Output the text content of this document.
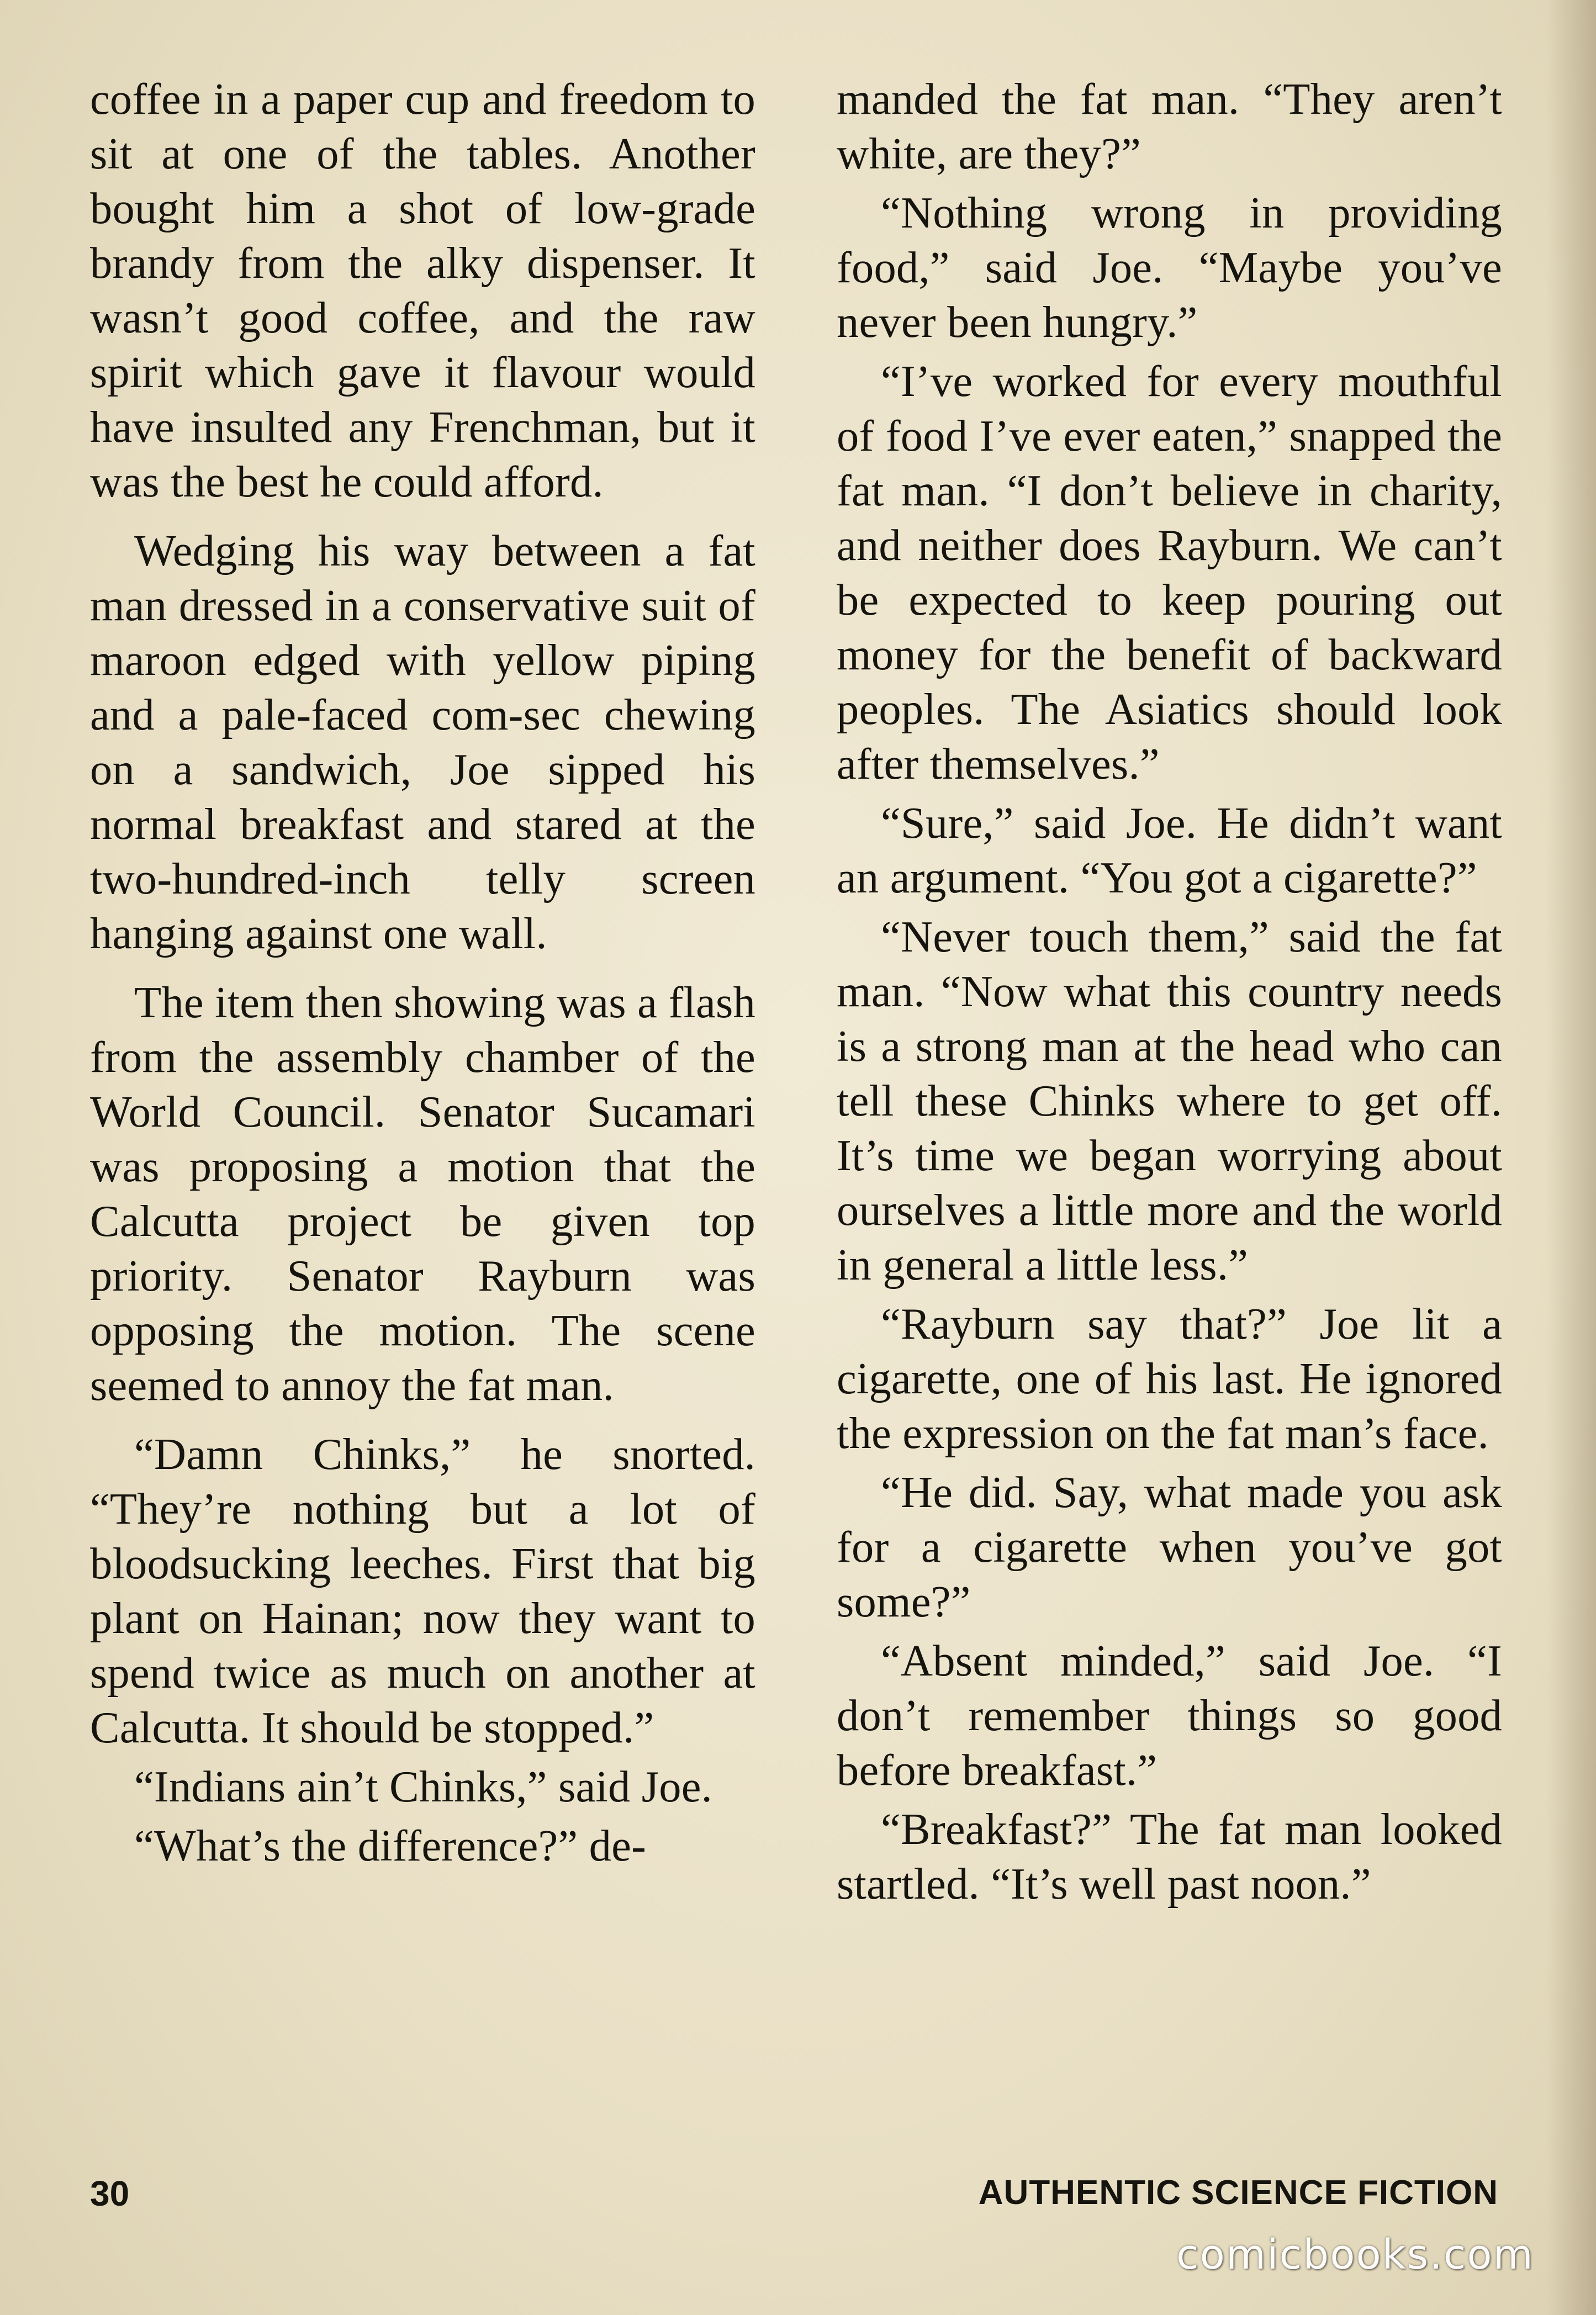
coffee in a paper cup and freedom to sit at one of the tables. Another bought him a shot of low-grade brandy from the alky dispenser. It wasn’t good coffee, and the raw spirit which gave it flavour would have insulted any Frenchman, but it was the best he could afford.

Wedging his way between a fat man dressed in a conservative suit of maroon edged with yellow piping and a pale-faced com-sec chewing on a sandwich, Joe sipped his normal breakfast and stared at the two-hundred-inch telly screen hanging against one wall.

The item then showing was a flash from the assembly chamber of the World Council. Senator Sucamari was proposing a motion that the Calcutta project be given top priority. Senator Rayburn was opposing the motion. The scene seemed to annoy the fat man.

“Damn Chinks,” he snorted. “They’re nothing but a lot of bloodsucking leeches. First that big plant on Hainan; now they want to spend twice as much on another at Calcutta. It should be stopped.”

“Indians ain’t Chinks,” said Joe.

“What’s the difference?” de-

manded the fat man. “They aren’t white, are they?”

“Nothing wrong in providing food,” said Joe. “Maybe you’ve never been hungry.”

“I’ve worked for every mouthful of food I’ve ever eaten,” snapped the fat man. “I don’t believe in charity, and neither does Rayburn. We can’t be expected to keep pouring out money for the benefit of backward peoples. The Asiatics should look after themselves.”

“Sure,” said Joe. He didn’t want an argument. “You got a cigarette?”

“Never touch them,” said the fat man. “Now what this country needs is a strong man at the head who can tell these Chinks where to get off. It’s time we began worrying about ourselves a little more and the world in general a little less.”

“Rayburn say that?” Joe lit a cigarette, one of his last. He ignored the expression on the fat man’s face.

“He did. Say, what made you ask for a cigarette when you’ve got some?”

“Absent minded,” said Joe. “I don’t remember things so good before breakfast.”

“Breakfast?” The fat man looked startled. “It’s well past noon.”

30	AUTHENTIC SCIENCE FICTION
comicbooks.com
